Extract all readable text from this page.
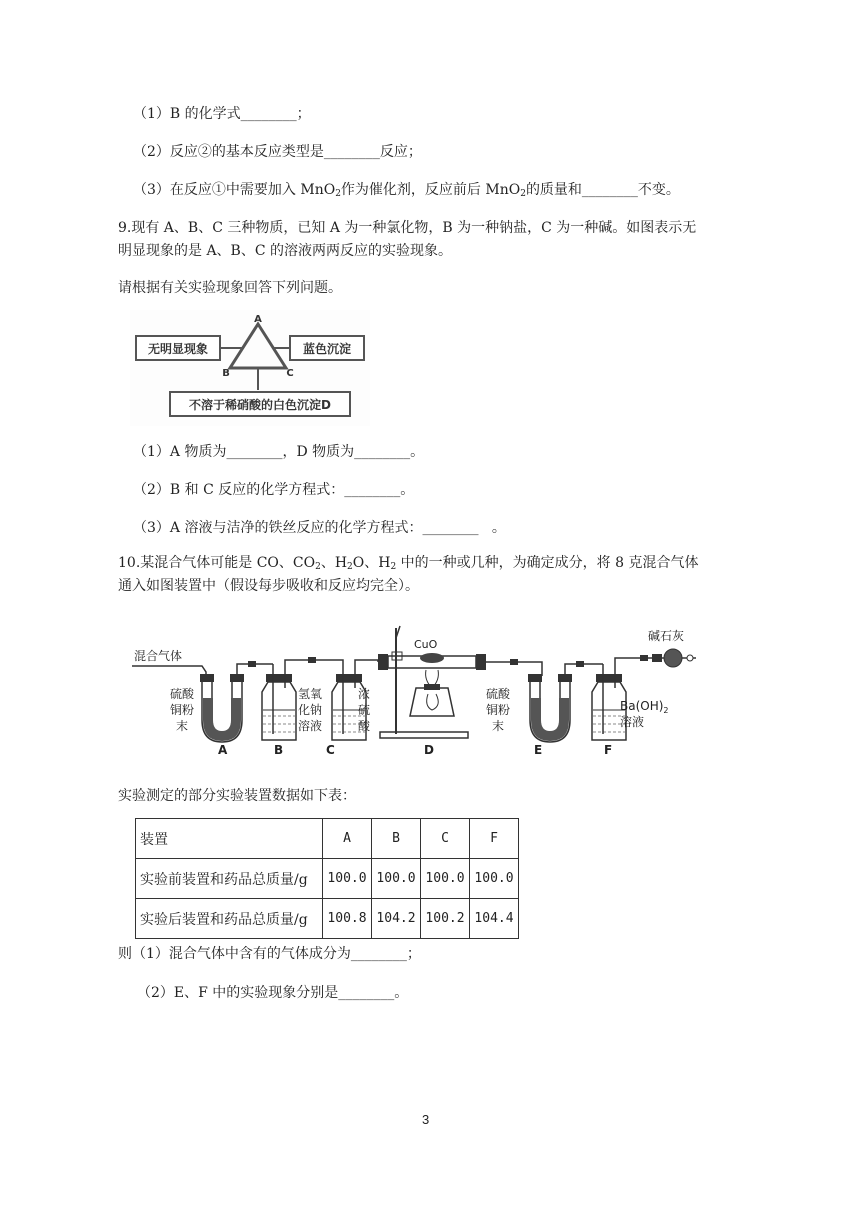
（1）B 的化学式________；
（2）反应②的基本反应类型是________反应；
（3）在反应①中需要加入 MnO$_2$作为催化剂，反应前后 MnO$_2$的质量和________不变。
9.现有 A、B、C 三种物质，已知 A 为一种氯化物，B 为一种钠盐，C 为一种碱。如图表示无
明显现象的是 A、B、C 的溶液两两反应的实验现象。
请根据有关实验现象回答下列问题。
无明显现象	蓝色沉淀
A
B	C
不溶于稀硝酸的白色沉淀D
（1）A 物质为________，D 物质为________。
（2）B 和 C 反应的化学方程式：________。
（3）A 溶液与洁净的铁丝反应的化学方程式：________   。
10.某混合气体可能是 CO、$CO_2$、$H_2O$、$H_2$ 中的一种或几种，为确定成分，将 8 克混合气体
通入如图装置中（假设每步吸收和反应均完全）。
混合气体
硫酸
铜粉
末
A	B
氢氧
化钠
溶液
C
浓
硫
酸
CuO
D
硫酸
铜粉
末
E	F
$Ba(OH)_2$
溶液
碱石灰
实验测定的部分实验装置数据如下表：
装置	A	B	C	F
实验前装置和药品总质量/g	100.0	100.0	100.0	100.0
实验后装置和药品总质量/g	100.8	104.2	100.2	104.4
则（1）混合气体中含有的气体成分为________；
（2）E、F 中的实验现象分别是________。
3
